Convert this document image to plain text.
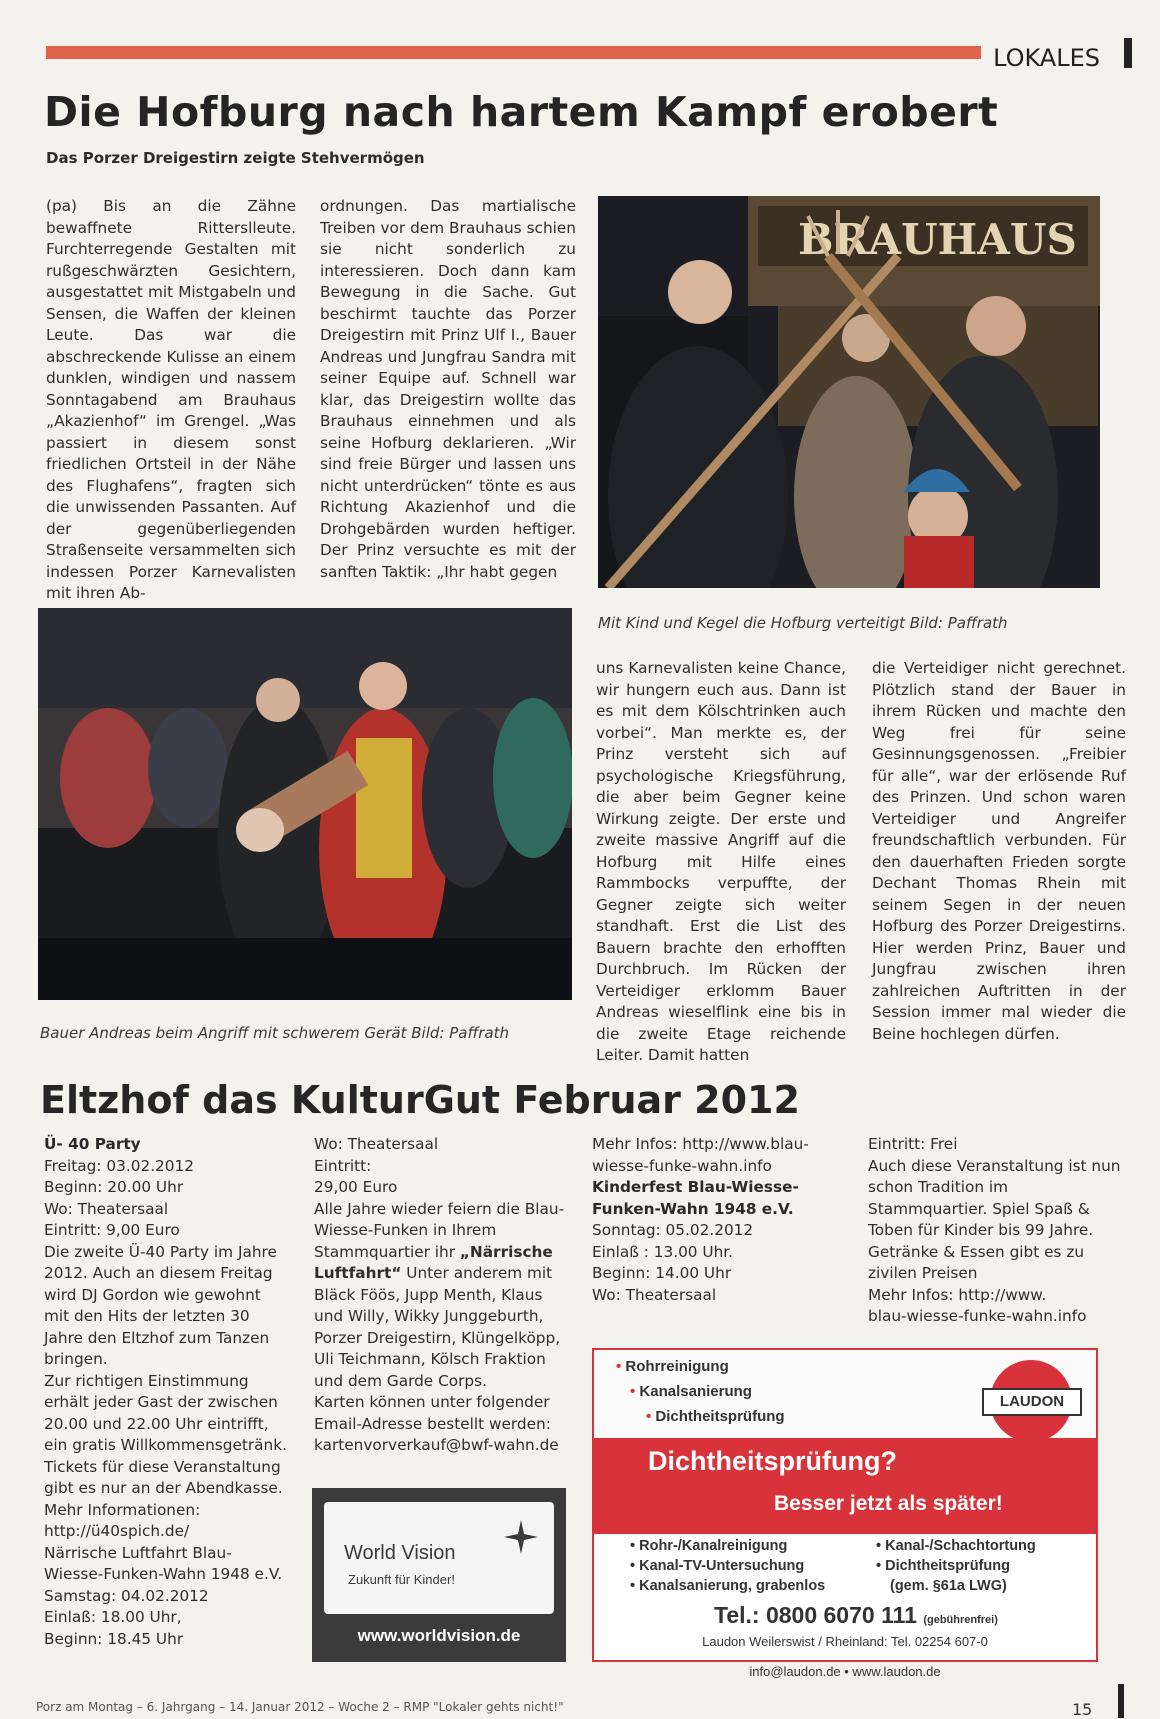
LOKALES
Die Hofburg nach hartem Kampf erobert
Das Porzer Dreigestirn zeigte Stehvermögen
(pa) Bis an die Zähne bewaffnete Ritterslleute. Furchterregende Gestalten mit rußgeschwärzten Gesichtern, ausgestattet mit Mistgabeln und Sensen, die Waffen der kleinen Leute. Das war die abschreckende Kulisse an einem dunklen, windigen und nassem Sonntagabend am Brauhaus „Akazienhof“ im Grengel. „Was passiert in diesem sonst friedlichen Ortsteil in der Nähe des Flughafens“, fragten sich die unwissenden Passanten. Auf der gegenüberliegenden Straßenseite versammelten sich indessen Porzer Karnevalisten mit ihren Ab-
ordnungen. Das martialische Treiben vor dem Brauhaus schien sie nicht sonderlich zu interessieren. Doch dann kam Bewegung in die Sache. Gut beschirmt tauchte das Porzer Dreigestirn mit Prinz Ulf I., Bauer Andreas und Jungfrau Sandra mit seiner Equipe auf. Schnell war klar, das Dreigestirn wollte das Brauhaus einnehmen und als seine Hofburg deklarieren. „Wir sind freie Bürger und lassen uns nicht unterdrücken“ tönte es aus Richtung Akazienhof und die Drohgebärden wurden heftiger. Der Prinz versuchte es mit der sanften Taktik: „Ihr habt gegen
BRAUHAUS
Mit Kind und Kegel die Hofburg verteitigt Bild: Paffrath
Bauer Andreas beim Angriff mit schwerem Gerät Bild: Paffrath
uns Karnevalisten keine Chance, wir hungern euch aus. Dann ist es mit dem Kölschtrinken auch vorbei“. Man merkte es, der Prinz versteht sich auf psychologische Kriegsführung, die aber beim Gegner keine Wirkung zeigte. Der erste und zweite massive Angriff auf die Hofburg mit Hilfe eines Rammbocks verpuffte, der Gegner zeigte sich weiter standhaft. Erst die List des Bauern brachte den erhofften Durchbruch. Im Rücken der Verteidiger erklomm Bauer Andreas wieselflink eine bis in die zweite Etage reichende Leiter. Damit hatten
die Verteidiger nicht gerechnet. Plötzlich stand der Bauer in ihrem Rücken und machte den Weg frei für seine Gesinnungsgenossen. „Freibier für alle“, war der erlösende Ruf des Prinzen. Und schon waren Verteidiger und Angreifer freundschaftlich verbunden. Für den dauerhaften Frieden sorgte Dechant Thomas Rhein mit seinem Segen in der neuen Hofburg des Porzer Dreigestirns. Hier werden Prinz, Bauer und Jungfrau zwischen ihren zahlreichen Auftritten in der Session immer mal wieder die Beine hochlegen dürfen.
Eltzhof das KulturGut Februar 2012
Ü- 40 Party
Freitag: 03.02.2012
Beginn: 20.00 Uhr
Wo: Theatersaal
Eintritt: 9,00 Euro
Die zweite Ü-40 Party im Jahre 2012. Auch an diesem Freitag wird DJ Gordon wie gewohnt mit den Hits der letzten 30 Jahre den Eltzhof zum Tanzen bringen.
Zur richtigen Einstimmung erhält jeder Gast der zwischen 20.00 und 22.00 Uhr eintrifft, ein gratis Willkommensgetränk.
Tickets für diese Veranstaltung gibt es nur an der Abendkasse.
Mehr Informationen:
http://ü40spich.de/
Närrische Luftfahrt Blau-Wiesse-Funken-Wahn 1948 e.V.
Samstag: 04.02.2012
Einlaß: 18.00 Uhr,
Beginn: 18.45 Uhr
Wo: Theatersaal
Eintritt:
29,00 Euro
Alle Jahre wieder feiern die Blau-Wiesse-Funken in Ihrem Stammquartier ihr „Närrische Luftfahrt“ Unter anderem mit Bläck Föös, Jupp Menth, Klaus und Willy, Wikky Junggeburth, Porzer Dreigestirn, Klüngelköpp, Uli Teichmann, Kölsch Fraktion und dem Garde Corps.
Karten können unter folgender Email-Adresse bestellt werden:
kartenvorverkauf@bwf-wahn.de
Mehr Infos: http://www.blau-wiesse-funke-wahn.info
Kinderfest Blau-Wiesse-Funken-Wahn 1948 e.V.
Sonntag: 05.02.2012
Einlaß : 13.00 Uhr.
Beginn: 14.00 Uhr
Wo: Theatersaal
Eintritt: Frei
Auch diese Veranstaltung ist nun schon Tradition im Stammquartier. Spiel Spaß & Toben für Kinder bis 99 Jahre. Getränke & Essen gibt es zu zivilen Preisen
Mehr Infos: http://www.
blau-wiesse-funke-wahn.info
World Vision
Zukunft für Kinder!
www.worldvision.de
• Rohrreinigung
• Kanalsanierung
• Dichtheitsprüfung
LAUDON
Dichtheitsprüfung?
Besser jetzt als später!
• Rohr-/Kanalreinigung
• Kanal-TV-Untersuchung
• Kanalsanierung, grabenlos
• Kanal-/Schachtortung
• Dichtheitsprüfung
(gem. §61a LWG)
Tel.: 0800 6070 111 (gebührenfrei)
Laudon Weilerswist / Rheinland: Tel. 02254 607-0
info@laudon.de • www.laudon.de
Porz am Montag – 6. Jahrgang – 14. Januar 2012 – Woche 2 – RMP "Lokaler gehts nicht!"	15
